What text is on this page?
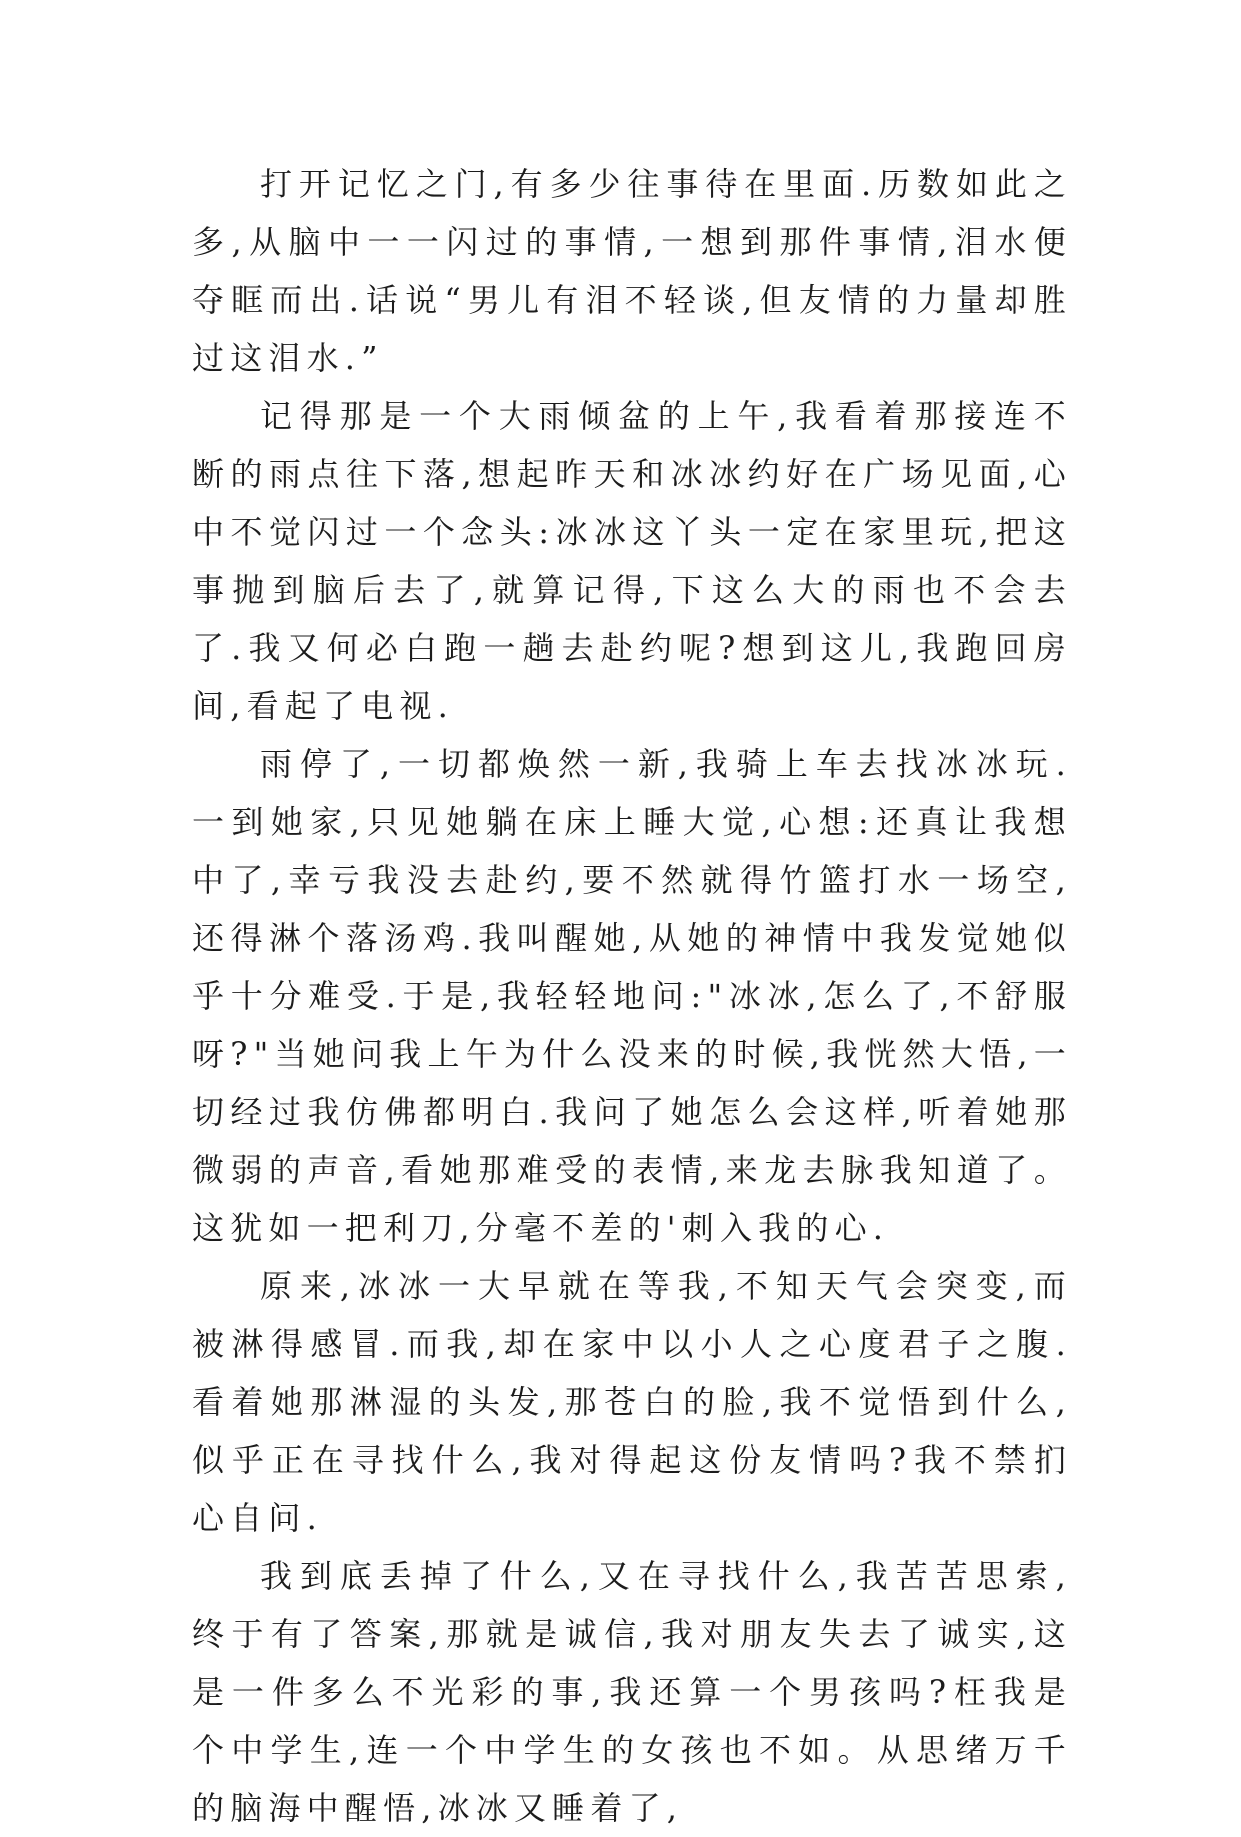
打开记忆之门,有多少往事待在里面.历数如此之多,从脑中一一闪过的事情,一想到那件事情,泪水便夺眶而出.话说“男儿有泪不轻谈,但友情的力量却胜过这泪水.”

记得那是一个大雨倾盆的上午,我看着那接连不断的雨点往下落,想起昨天和冰冰约好在广场见面,心中不觉闪过一个念头:冰冰这丫头一定在家里玩,把这事抛到脑后去了,就算记得,下这么大的雨也不会去了.我又何必白跑一趟去赴约呢?想到这儿,我跑回房间,看起了电视.

雨停了,一切都焕然一新,我骑上车去找冰冰玩.一到她家,只见她躺在床上睡大觉,心想:还真让我想中了,幸亏我没去赴约,要不然就得竹篮打水一场空,还得淋个落汤鸡.我叫醒她,从她的神情中我发觉她似乎十分难受.于是,我轻轻地问:"冰冰,怎么了,不舒服呀?"当她问我上午为什么没来的时候,我恍然大悟,一切经过我仿佛都明白.我问了她怎么会这样,听着她那微弱的声音,看她那难受的表情,来龙去脉我知道了。这犹如一把利刀,分毫不差的'刺入我的心.

原来,冰冰一大早就在等我,不知天气会突变,而被淋得感冒.而我,却在家中以小人之心度君子之腹.看着她那淋湿的头发,那苍白的脸,我不觉悟到什么,似乎正在寻找什么,我对得起这份友情吗?我不禁扪心自问.

我到底丢掉了什么,又在寻找什么,我苦苦思索,终于有了答案,那就是诚信,我对朋友失去了诚实,这是一件多么不光彩的事,我还算一个男孩吗?枉我是个中学生,连一个中学生的女孩也不如。从思绪万千的脑海中醒悟,冰冰又睡着了,
